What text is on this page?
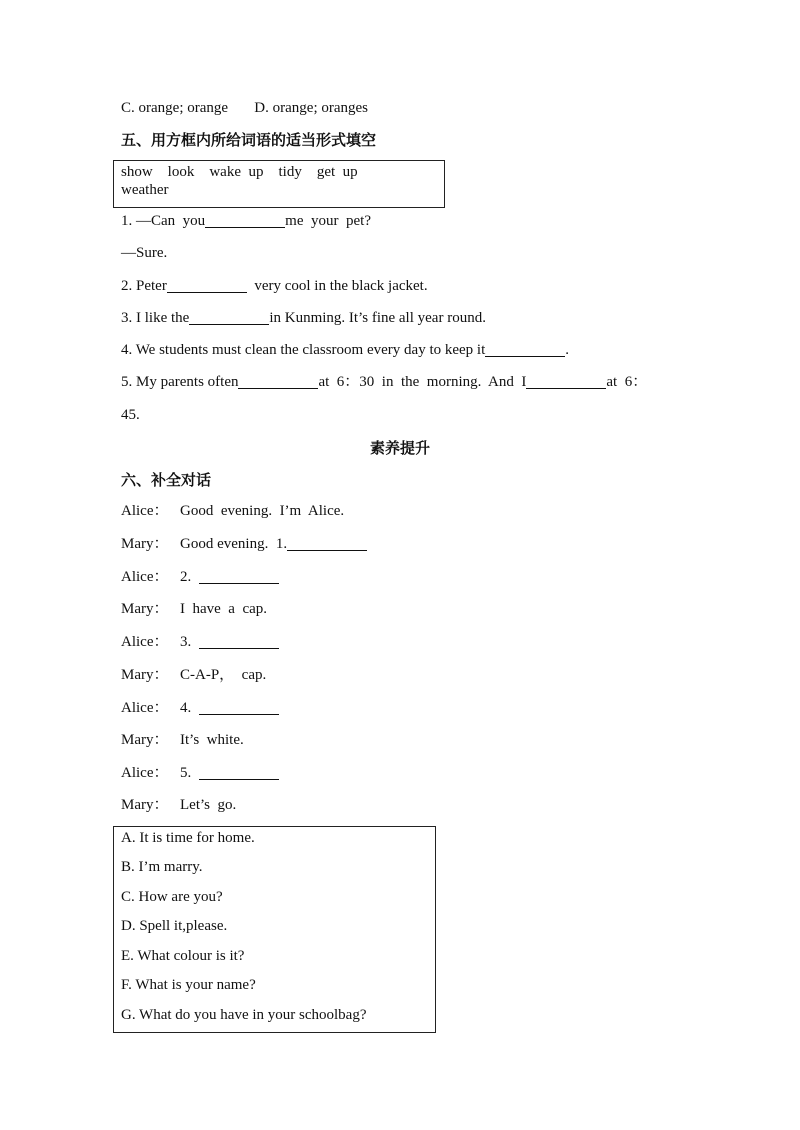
C. orange; orange D. orange; oranges
五、用方框内所给词语的适当形式填空
show    look    wake  up    tidy    get  up
weather
1. —Can  you	me  your  pet?
—Sure.
2. Peter	very cool in the black jacket.
3. I like the	in Kunming. It’s fine all year round.
4. We students must clean the classroom every day to keep it	.
5. My parents often	at  6：30  in  the  morning.  And  I	at  6：
45.
素养提升
六、补全对话
Alice： Good  evening.  I’m  Alice.
Mary： Good evening.  1.
Alice： 2.
Mary： I  have  a  cap.
Alice： 3.
Mary： C-A-P，  cap.
Alice： 4.
Mary： It’s  white.
Alice： 5.
Mary： Let’s  go.
A. It is time for home.
B. I’m marry.
C. How are you?
D. Spell it,please.
E. What colour is it?
F. What is your name?
G. What do you have in your schoolbag?
